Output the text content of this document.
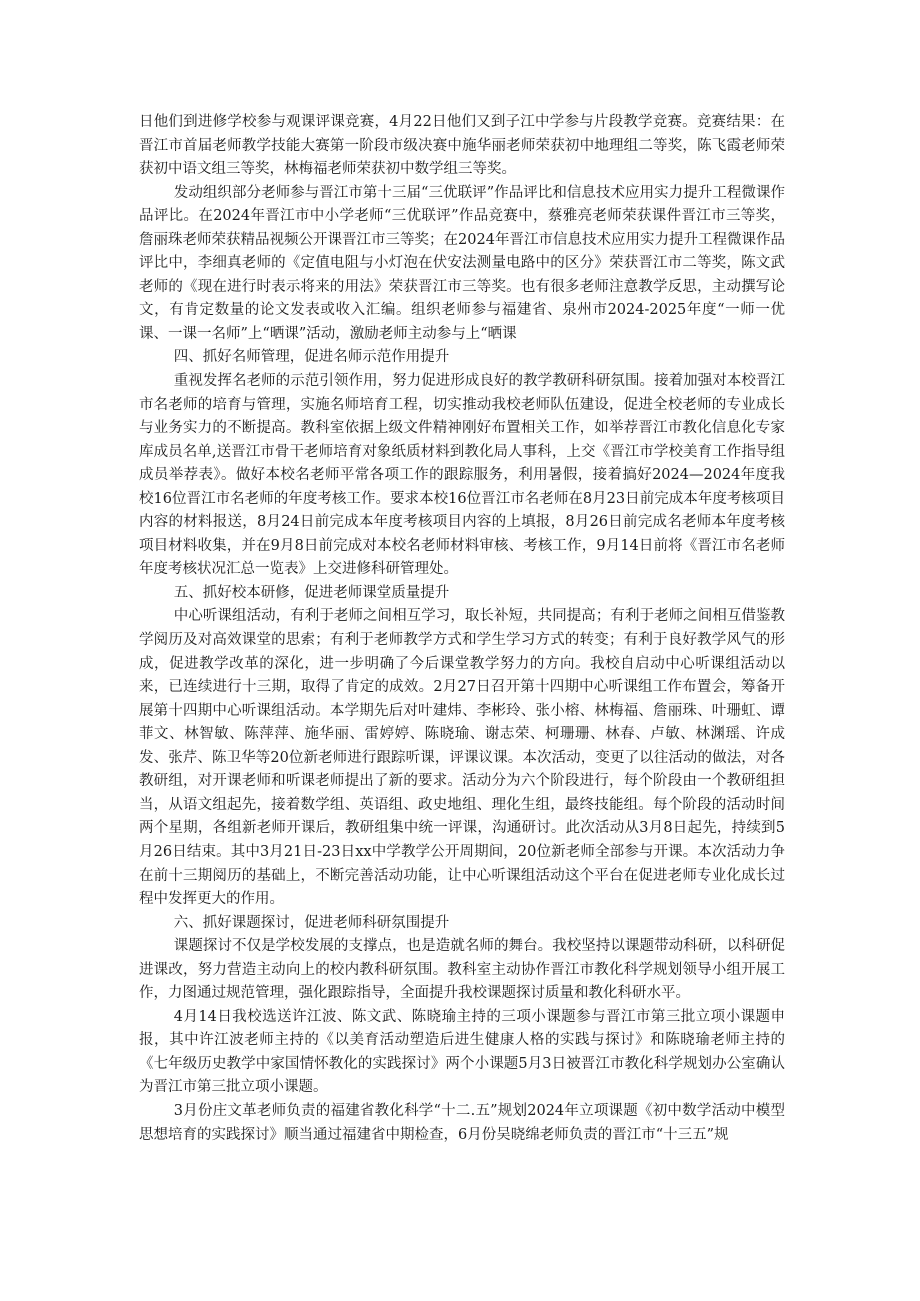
日他们到进修学校参与观课评课竞赛，4月22日他们又到子江中学参与片段教学竞赛。竞赛结果：在晋江市首届老师教学技能大赛第一阶段市级决赛中施华丽老师荣获初中地理组二等奖，陈飞霞老师荣获初中语文组三等奖，林梅福老师荣获初中数学组三等奖。

发动组织部分老师参与晋江市第十三届“三优联评”作品评比和信息技术应用实力提升工程微课作品评比。在2024年晋江市中小学老师“三优联评”作品竞赛中，蔡雅亮老师荣获课件晋江市三等奖，詹丽珠老师荣获精品视频公开课晋江市三等奖；在2024年晋江市信息技术应用实力提升工程微课作品评比中，李细真老师的《定值电阻与小灯泡在伏安法测量电路中的区分》荣获晋江市二等奖，陈文武老师的《现在进行时表示将来的用法》荣获晋江市三等奖。也有很多老师注意教学反思，主动撰写论文，有肯定数量的论文发表或收入汇编。组织老师参与福建省、泉州市2024-2025年度“一师一优课、一课一名师”上“晒课”活动，激励老师主动参与上“晒课

四、抓好名师管理，促进名师示范作用提升

重视发挥名老师的示范引领作用，努力促进形成良好的教学教研科研氛围。接着加强对本校晋江市名老师的培育与管理，实施名师培育工程，切实推动我校老师队伍建设，促进全校老师的专业成长与业务实力的不断提高。教科室依据上级文件精神刚好布置相关工作，如举荐晋江市教化信息化专家库成员名单,送晋江市骨干老师培育对象纸质材料到教化局人事科，上交《晋江市学校美育工作指导组成员举荐表》。做好本校名老师平常各项工作的跟踪服务，利用暑假，接着搞好2024—2024年度我校16位晋江市名老师的年度考核工作。要求本校16位晋江市名老师在8月23日前完成本年度考核项目内容的材料报送，8月24日前完成本年度考核项目内容的上填报，8月26日前完成名老师本年度考核项目材料收集，并在9月8日前完成对本校名老师材料审核、考核工作，9月14日前将《晋江市名老师年度考核状况汇总一览表》上交进修科研管理处。

五、抓好校本研修，促进老师课堂质量提升

中心听课组活动，有利于老师之间相互学习，取长补短，共同提高；有利于老师之间相互借鉴教学阅历及对高效课堂的思索；有利于老师教学方式和学生学习方式的转变；有利于良好教学风气的形成，促进教学改革的深化，进一步明确了今后课堂教学努力的方向。我校自启动中心听课组活动以来，已连续进行十三期，取得了肯定的成效。2月27日召开第十四期中心听课组工作布置会，筹备开展第十四期中心听课组活动。本学期先后对叶建炜、李彬玲、张小榕、林梅福、詹丽珠、叶珊虹、谭菲文、林智敏、陈萍萍、施华丽、雷婷婷、陈晓瑜、谢志荣、柯珊珊、林春、卢敏、林渊瑶、许成发、张芹、陈卫华等20位新老师进行跟踪听课，评课议课。本次活动，变更了以往活动的做法，对各教研组，对开课老师和听课老师提出了新的要求。活动分为六个阶段进行，每个阶段由一个教研组担当，从语文组起先，接着数学组、英语组、政史地组、理化生组，最终技能组。每个阶段的活动时间两个星期，各组新老师开课后，教研组集中统一评课，沟通研讨。此次活动从3月8日起先，持续到5月26日结束。其中3月21日-23日xx中学教学公开周期间，20位新老师全部参与开课。本次活动力争在前十三期阅历的基础上，不断完善活动功能，让中心听课组活动这个平台在促进老师专业化成长过程中发挥更大的作用。

六、抓好课题探讨，促进老师科研氛围提升

课题探讨不仅是学校发展的支撑点，也是造就名师的舞台。我校坚持以课题带动科研，以科研促进课改，努力营造主动向上的校内教科研氛围。教科室主动协作晋江市教化科学规划领导小组开展工作，力图通过规范管理，强化跟踪指导，全面提升我校课题探讨质量和教化科研水平。

4月14日我校选送许江波、陈文武、陈晓瑜主持的三项小课题参与晋江市第三批立项小课题申报，其中许江波老师主持的《以美育活动塑造后进生健康人格的实践与探讨》和陈晓瑜老师主持的《七年级历史教学中家国情怀教化的实践探讨》两个小课题5月3日被晋江市教化科学规划办公室确认为晋江市第三批立项小课题。

3月份庄文革老师负责的福建省教化科学“十二.五”规划2024年立项课题《初中数学活动中模型思想培育的实践探讨》顺当通过福建省中期检查，6月份吴晓绵老师负责的晋江市“十三五”规
